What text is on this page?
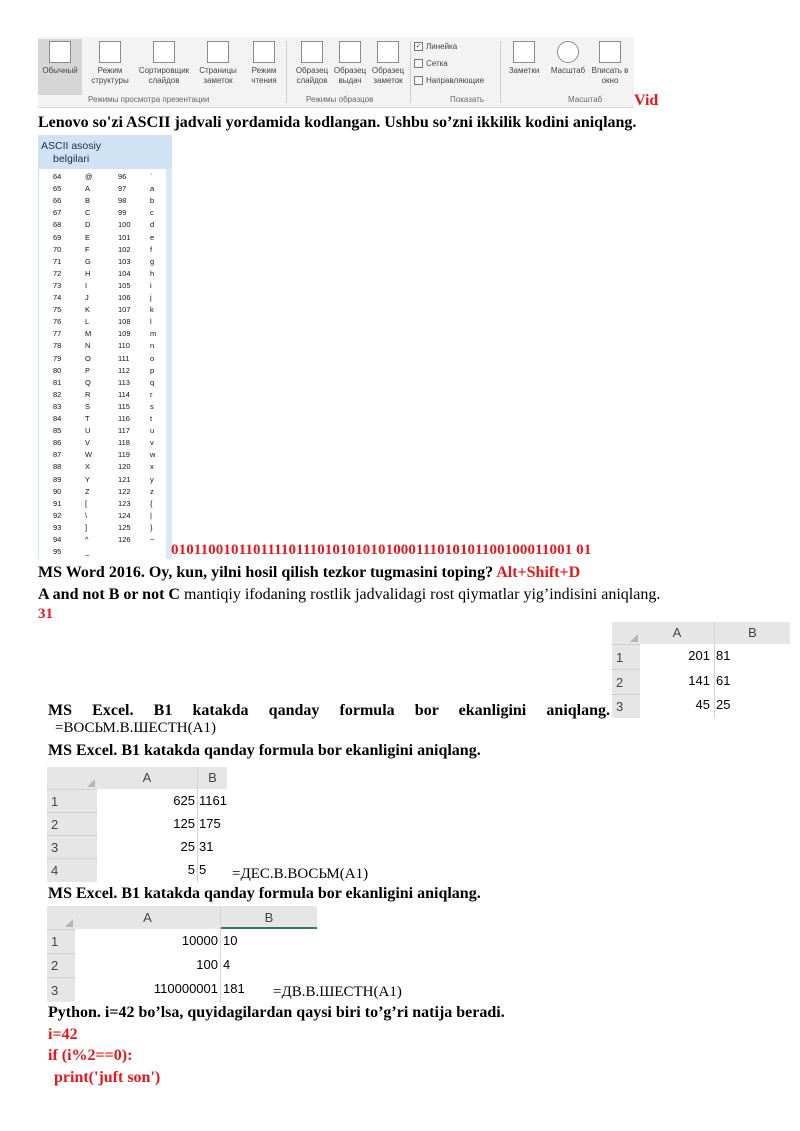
Обычный	Режим структуры
Сортировщик слайдов
Страницы заметок
Режим чтения
Образец слайдов
Образец выдач
Образец заметок
✓ Линейка
Сетка
Направляющие
Заметки	Масштаб Вписать в окно
Режимы просмотра презентации	Режимы образцов	Показать	Масштаб Vid
Lenovo so'zi ASCII jadvali yordamida kodlangan. Ushbu so’zni ikkilik kodini aniqlang.
ASCII asosiy
belgilari
64	@	96	`
65	A	97	a
66	B	98	b
67	C	99	c
68	D	100	d
69	E	101	e
70	F	102	f
71	G	103	g
72	H	104	h
73	I	105	i
74	J	106	j
75	K	107	k
76	L	108	l
77	M	109	m
78	N	110	n
79	O	111	o
80	P	112	p
81	Q	113	q
82	R	114	r
83	S	115	s
84	T	116	t
85	U	117	u
86	V	118	v
87	W	119	w
88	X	120	x
89	Y	121	y
90	Z	122	z
91	[	123	{
92	\	124	|
93	]	125	}
94	^	126	~
95	_	010110010110111101110101010101000111010101100100011001 01
MS Word 2016. Oy, kun, yilni hosil qilish tezkor tugmasini toping? Alt+Shift+D
A and not B or not C mantiqiy ifodaning rostlik jadvalidagi rost qiymatlar yig’indisini aniqlang.
31
A	B
1	201 81
2	141 61
3	45 25
MS Excel. B1 katakda qanday formula bor ekanligini aniqlang.
=ВОСЬМ.В.ШЕСТН(A1)
MS Excel. B1 katakda qanday formula bor ekanligini aniqlang.
A	B
1	625 1161
2	125 175
3	25 31
4	5 5 =ДЕС.В.ВОСЬМ(A1)
MS Excel. B1 katakda qanday formula bor ekanligini aniqlang.
A	B
1	10000 10
2	100 4
3	110000001 181 =ДВ.В.ШЕСТН(A1)
Python. i=42 bo’lsa, quyidagilardan qaysi biri to’g’ri natija beradi.
i=42
if (i%2==0):
print('juft son')
